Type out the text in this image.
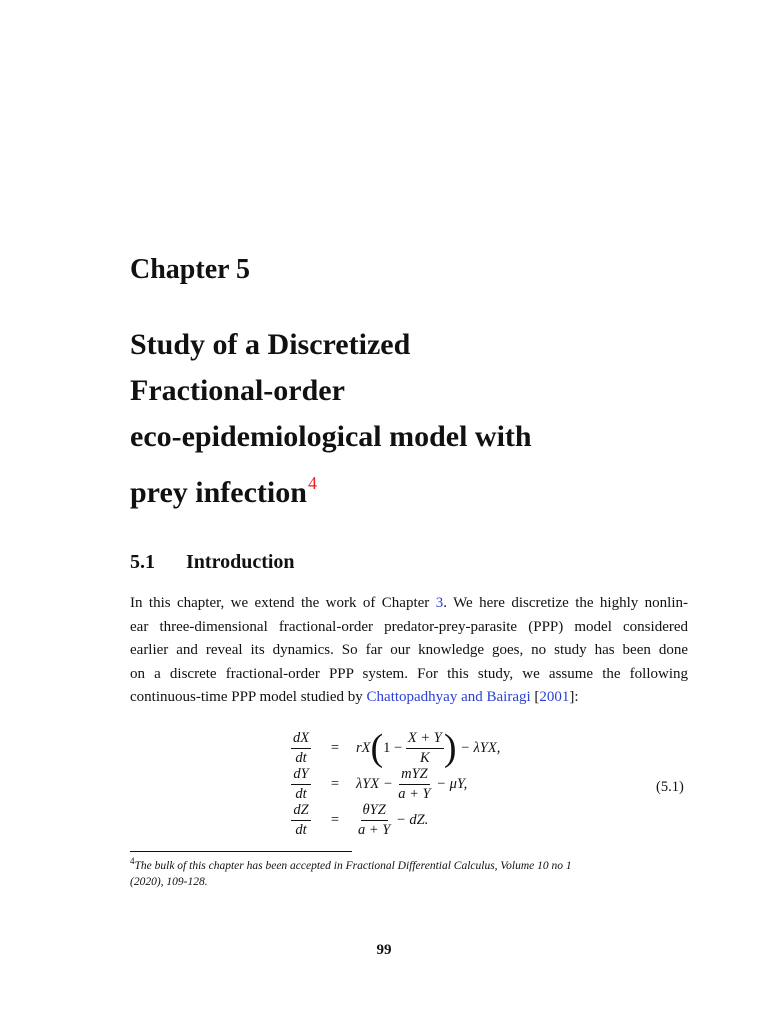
Chapter 5
Study of a Discretized
Fractional-order
eco-epidemiological model with
prey infection$^4$
5.1 Introduction
In this chapter, we extend the work of Chapter 3. We here discretize the highly nonlin-
ear three-dimensional fractional-order predator-prey-parasite (PPP) model considered
earlier and reveal its dynamics. So far our knowledge goes, no study has been done
on a discrete fractional-order PPP system. For this study, we assume the following
continuous-time PPP model studied by Chattopadhyay and Bairagi [2001]:
$\frac{dX}{dt}$	=	rX ( 1 −
$\frac{X + Y}{K}$ )
− λYX,
$\frac{dY}{dt}$	=	λYX −
$\frac{\text{mYZ}}{a + Y}$
− μY,
$\frac{dZ}{dt}$	=	$\frac{\text{θYZ}}{a + Y}$
− dZ.
(5.1)
$^4$The bulk of this chapter has been accepted in Fractional Differential Calculus, Volume 10 no 1
(2020), 109-128.
99
